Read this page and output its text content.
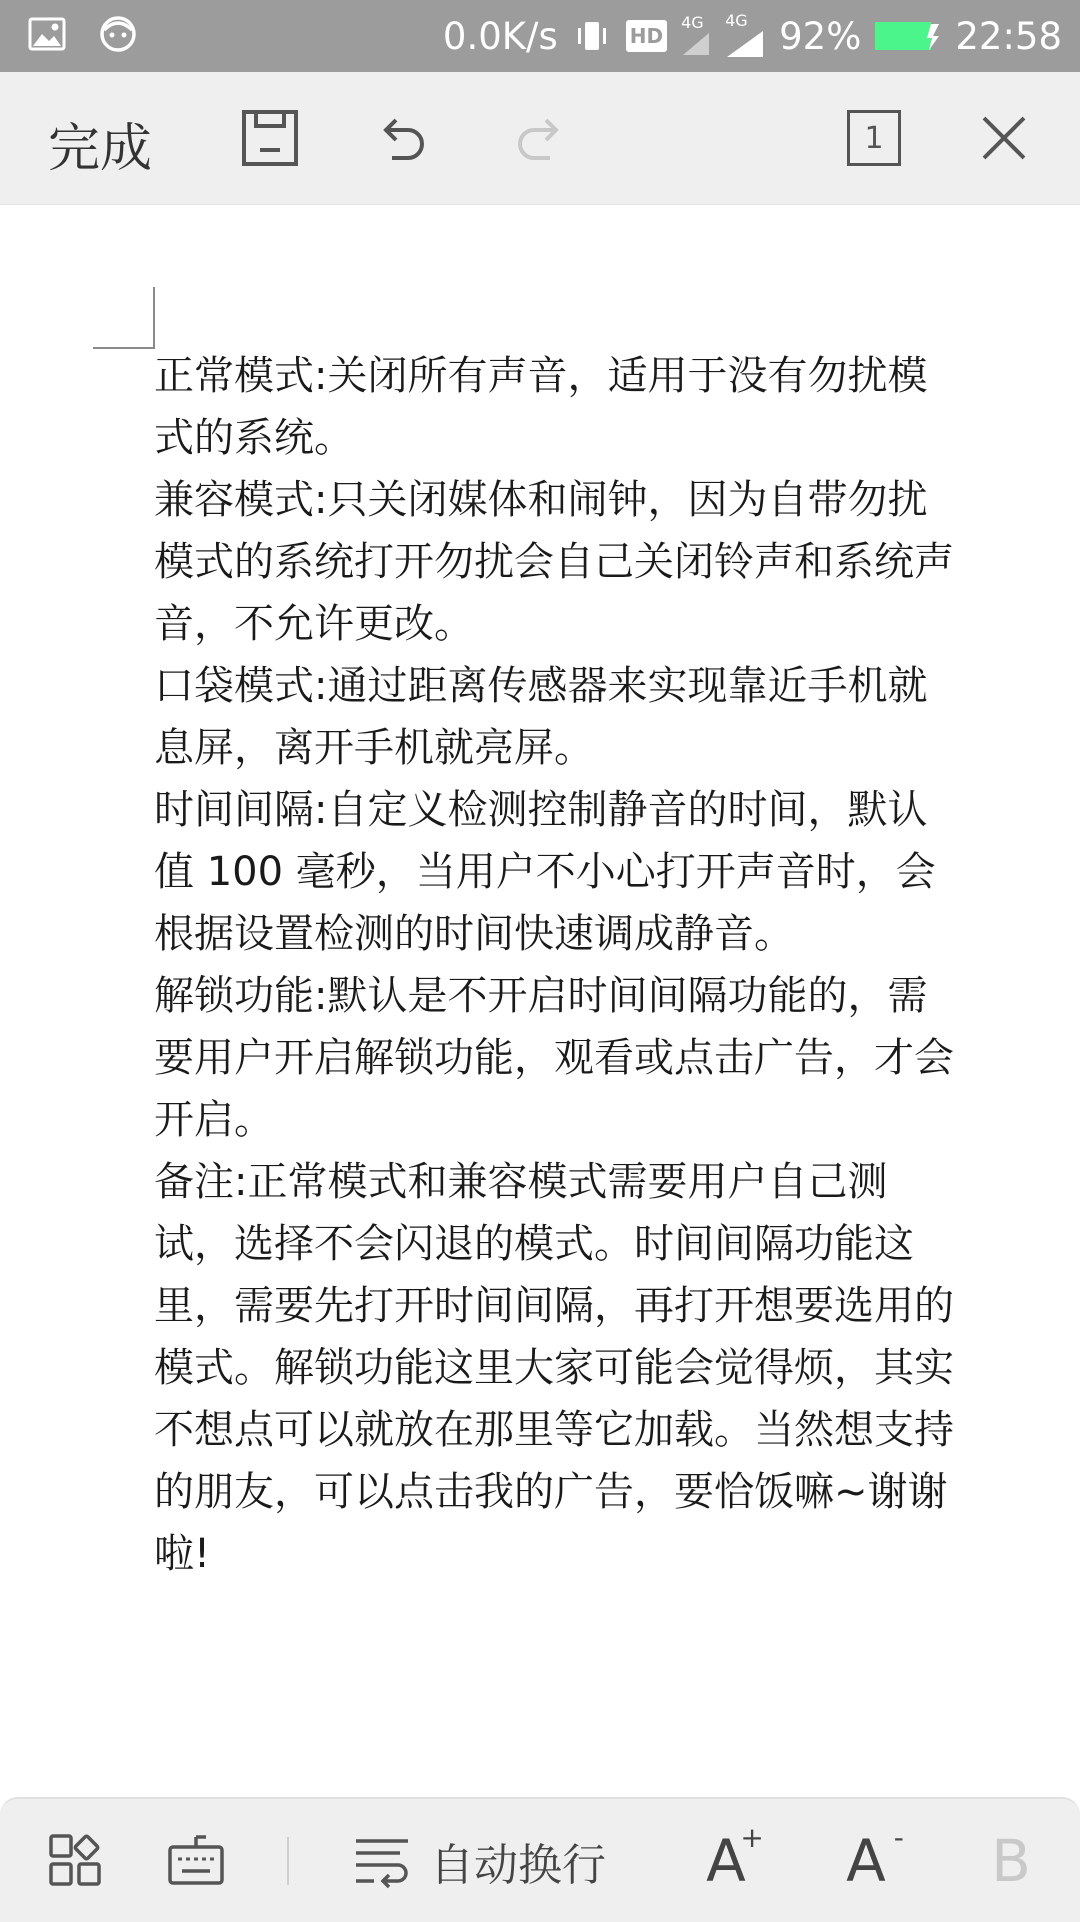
0.0K/s	HD
4G 4G 92%	22:58
完成	1

正常模式:关闭所有声音，适用于没有勿扰模式的系统。

兼容模式:只关闭媒体和闹钟，因为自带勿扰模式的系统打开勿扰会自己关闭铃声和系统声音，不允许更改。

口袋模式:通过距离传感器来实现靠近手机就息屏，离开手机就亮屏。

时间间隔:自定义检测控制静音的时间，默认值 100 毫秒，当用户不小心打开声音时，会根据设置检测的时间快速调成静音。

解锁功能:默认是不开启时间间隔功能的，需要用户开启解锁功能，观看或点击广告，才会开启。

备注:正常模式和兼容模式需要用户自己测试，选择不会闪退的模式。时间间隔功能这里，需要先打开时间间隔，再打开想要选用的模式。解锁功能这里大家可能会觉得烦，其实不想点可以就放在那里等它加载。当然想支持的朋友，可以点击我的广告，要恰饭嘛~谢谢啦!

自动换行 A
+ A - B
